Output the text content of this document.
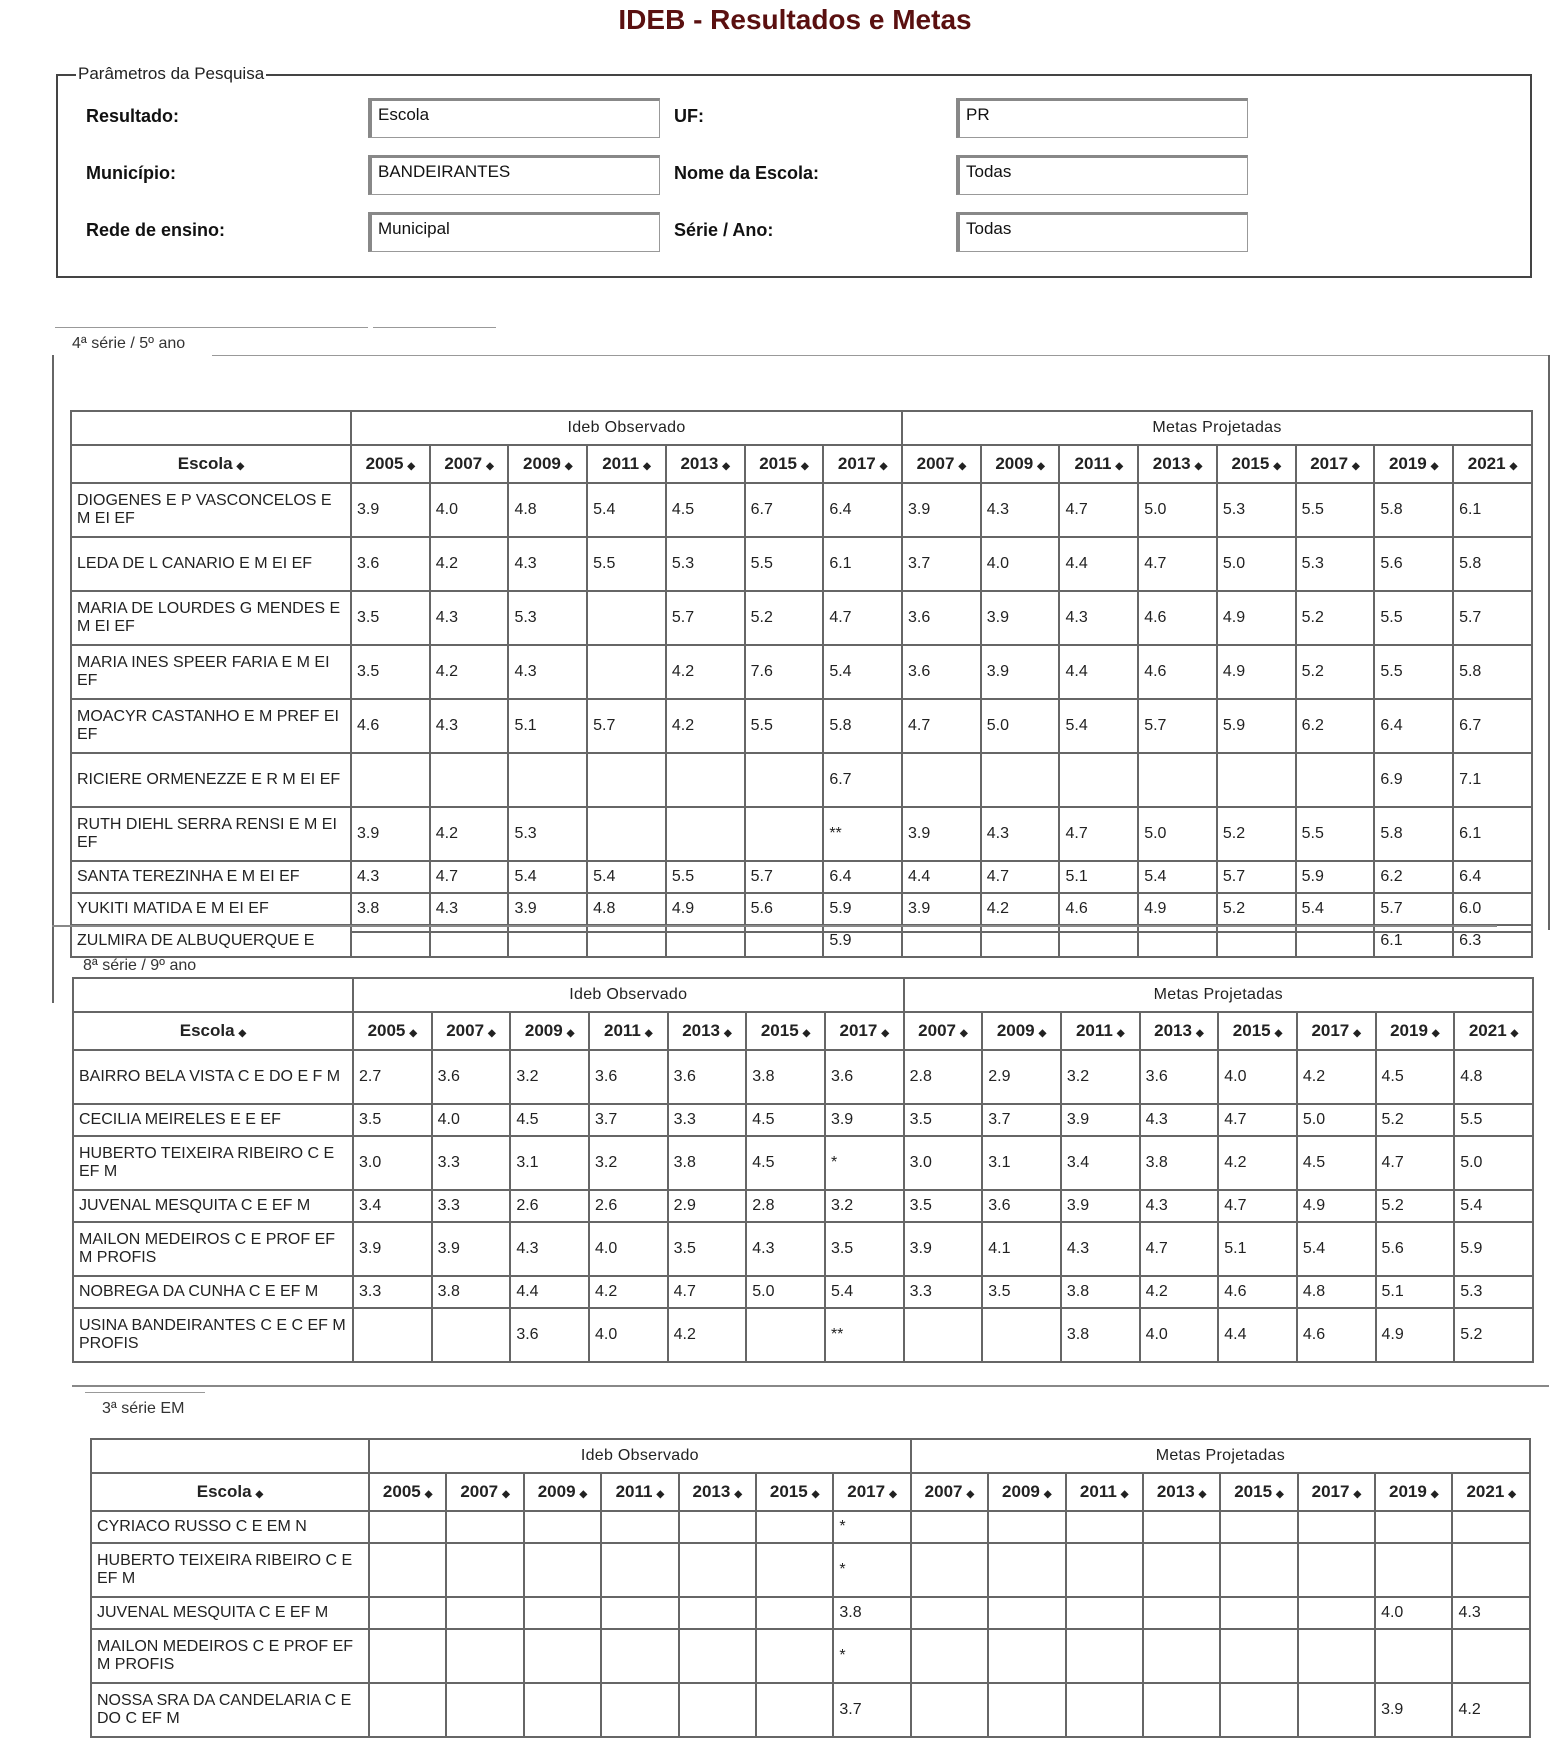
IDEB - Resultados e Metas
Parâmetros da Pesquisa
Resultado:	Escola	UF:	PR
Município:	BANDEIRANTES	Nome da Escola:	Todas
Rede de ensino:	Municipal	Série / Ano:	Todas
4ª série / 5º ano
	Ideb Observado							Metas Projetadas							
Escola ◆	2005 ◆	2007 ◆	2009 ◆	2011 ◆	2013 ◆	2015 ◆	2017 ◆	2007 ◆	2009 ◆	2011 ◆	2013 ◆	2015 ◆	2017 ◆	2019 ◆	2021 ◆
DIOGENES E P VASCONCELOS E M EI EF	3.9	4.0	4.8	5.4	4.5	6.7	6.4	3.9	4.3	4.7	5.0	5.3	5.5	5.8	6.1
LEDA DE L CANARIO E M EI EF	3.6	4.2	4.3	5.5	5.3	5.5	6.1	3.7	4.0	4.4	4.7	5.0	5.3	5.6	5.8
MARIA DE LOURDES G MENDES E M EI EF	3.5	4.3	5.3		5.7	5.2	4.7	3.6	3.9	4.3	4.6	4.9	5.2	5.5	5.7
MARIA INES SPEER FARIA E M EI EF	3.5	4.2	4.3		4.2	7.6	5.4	3.6	3.9	4.4	4.6	4.9	5.2	5.5	5.8
MOACYR CASTANHO E M PREF EI EF	4.6	4.3	5.1	5.7	4.2	5.5	5.8	4.7	5.0	5.4	5.7	5.9	6.2	6.4	6.7
RICIERE ORMENEZZE E R M EI EF							6.7							6.9	7.1
RUTH DIEHL SERRA RENSI E M EI EF	3.9	4.2	5.3				**	3.9	4.3	4.7	5.0	5.2	5.5	5.8	6.1
SANTA TEREZINHA E M EI EF	4.3	4.7	5.4	5.4	5.5	5.7	6.4	4.4	4.7	5.1	5.4	5.7	5.9	6.2	6.4
YUKITI MATIDA E M EI EF	3.8	4.3	3.9	4.8	4.9	5.6	5.9	3.9	4.2	4.6	4.9	5.2	5.4	5.7	6.0
ZULMIRA DE ALBUQUERQUE E							5.9							6.1	6.3
8ª série / 9º ano
	Ideb Observado							Metas Projetadas							
Escola ◆	2005 ◆	2007 ◆	2009 ◆	2011 ◆	2013 ◆	2015 ◆	2017 ◆	2007 ◆	2009 ◆	2011 ◆	2013 ◆	2015 ◆	2017 ◆	2019 ◆	2021 ◆
BAIRRO BELA VISTA C E DO E F M	2.7	3.6	3.2	3.6	3.6	3.8	3.6	2.8	2.9	3.2	3.6	4.0	4.2	4.5	4.8
CECILIA MEIRELES E E EF	3.5	4.0	4.5	3.7	3.3	4.5	3.9	3.5	3.7	3.9	4.3	4.7	5.0	5.2	5.5
HUBERTO TEIXEIRA RIBEIRO C E EF M	3.0	3.3	3.1	3.2	3.8	4.5	*	3.0	3.1	3.4	3.8	4.2	4.5	4.7	5.0
JUVENAL MESQUITA C E EF M	3.4	3.3	2.6	2.6	2.9	2.8	3.2	3.5	3.6	3.9	4.3	4.7	4.9	5.2	5.4
MAILON MEDEIROS C E PROF EF M PROFIS	3.9	3.9	4.3	4.0	3.5	4.3	3.5	3.9	4.1	4.3	4.7	5.1	5.4	5.6	5.9
NOBREGA DA CUNHA C E EF M	3.3	3.8	4.4	4.2	4.7	5.0	5.4	3.3	3.5	3.8	4.2	4.6	4.8	5.1	5.3
USINA BANDEIRANTES C E C EF M PROFIS			3.6	4.0	4.2		**			3.8	4.0	4.4	4.6	4.9	5.2
3ª série EM
	Ideb Observado							Metas Projetadas							
Escola ◆	2005 ◆	2007 ◆	2009 ◆	2011 ◆	2013 ◆	2015 ◆	2017 ◆	2007 ◆	2009 ◆	2011 ◆	2013 ◆	2015 ◆	2017 ◆	2019 ◆	2021 ◆
CYRIACO RUSSO C E EM N							*								
HUBERTO TEIXEIRA RIBEIRO C E EF M							*								
JUVENAL MESQUITA C E EF M							3.8							4.0	4.3
MAILON MEDEIROS C E PROF EF M PROFIS							*								
NOSSA SRA DA CANDELARIA C E DO C EF M							3.7							3.9	4.2
